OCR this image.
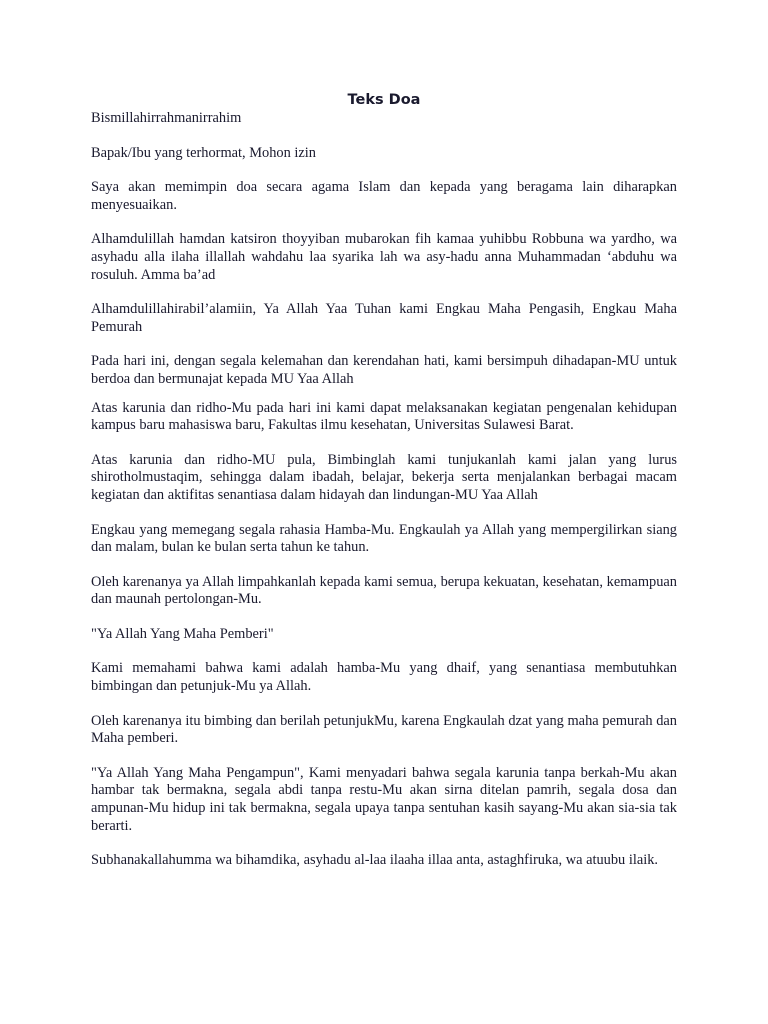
Teks Doa

Bismillahirrahmanirrahim

Bapak/Ibu yang terhormat, Mohon izin

Saya akan memimpin doa secara agama Islam dan kepada yang beragama lain diharapkan menyesuaikan.

Alhamdulillah hamdan katsiron thoyyiban mubarokan fih kamaa yuhibbu Robbuna wa yardho, wa asyhadu alla ilaha illallah wahdahu laa syarika lah wa asy-hadu anna Muhammadan ‘abduhu wa rosuluh. Amma ba’ad

Alhamdulillahirabil’alamiin, Ya Allah Yaa Tuhan kami Engkau Maha Pengasih, Engkau Maha Pemurah

Pada hari ini, dengan segala kelemahan dan kerendahan hati, kami bersimpuh dihadapan-MU untuk berdoa dan bermunajat kepada MU Yaa Allah

Atas karunia dan ridho-Mu pada hari ini kami dapat melaksanakan kegiatan pengenalan kehidupan kampus baru mahasiswa baru, Fakultas ilmu kesehatan, Universitas Sulawesi Barat.

Atas karunia dan ridho-MU pula, Bimbinglah kami tunjukanlah kami jalan yang lurus shirotholmustaqim, sehingga dalam ibadah, belajar, bekerja serta menjalankan berbagai macam kegiatan dan aktifitas senantiasa dalam hidayah dan lindungan-MU Yaa Allah

Engkau yang memegang segala rahasia Hamba-Mu. Engkaulah ya Allah yang mempergilirkan siang dan malam, bulan ke bulan serta tahun ke tahun.

Oleh karenanya ya Allah limpahkanlah kepada kami semua, berupa kekuatan, kesehatan, kemampuan dan maunah pertolongan-Mu.

"Ya Allah Yang Maha Pemberi"

Kami memahami bahwa kami adalah hamba-Mu yang dhaif, yang senantiasa membutuhkan bimbingan dan petunjuk-Mu ya Allah.

Oleh karenanya itu bimbing dan berilah petunjukMu, karena Engkaulah dzat yang maha pemurah dan Maha pemberi.

"Ya Allah Yang Maha Pengampun", Kami menyadari bahwa segala karunia tanpa berkah-Mu akan hambar tak bermakna, segala abdi tanpa restu-Mu akan sirna ditelan pamrih, segala dosa dan ampunan-Mu hidup ini tak bermakna, segala upaya tanpa sentuhan kasih sayang-Mu akan sia-sia tak berarti.

Subhanakallahumma wa bihamdika, asyhadu al-laa ilaaha illaa anta, astaghfiruka, wa atuubu ilaik.
